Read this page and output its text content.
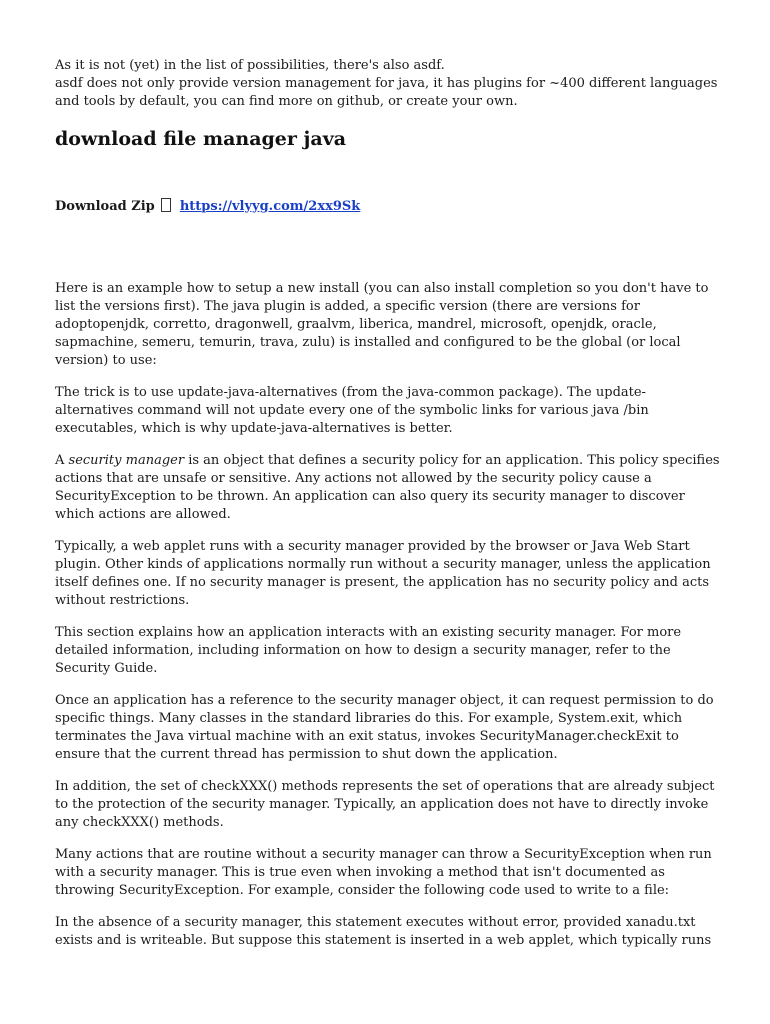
As it is not (yet) in the list of possibilities, there's also asdf.
asdf does not only provide version management for java, it has plugins for ~400 different languages and tools by default, you can find more on github, or create your own.

download file manager java

Download Zip https://vlyyg.com/2xx9Sk

Here is an example how to setup a new install (you can also install completion so you don't have to list the versions first). The java plugin is added, a specific version (there are versions for adoptopenjdk, corretto, dragonwell, graalvm, liberica, mandrel, microsoft, openjdk, oracle, sapmachine, semeru, temurin, trava, zulu) is installed and configured to be the global (or local version) to use:

The trick is to use update-java-alternatives (from the java-common package). The update-alternatives command will not update every one of the symbolic links for various java /bin executables, which is why update-java-alternatives is better.

A security manager is an object that defines a security policy for an application. This policy specifies actions that are unsafe or sensitive. Any actions not allowed by the security policy cause a SecurityException to be thrown. An application can also query its security manager to discover which actions are allowed.

Typically, a web applet runs with a security manager provided by the browser or Java Web Start plugin. Other kinds of applications normally run without a security manager, unless the application itself defines one. If no security manager is present, the application has no security policy and acts without restrictions.

This section explains how an application interacts with an existing security manager. For more detailed information, including information on how to design a security manager, refer to the Security Guide.

Once an application has a reference to the security manager object, it can request permission to do specific things. Many classes in the standard libraries do this. For example, System.exit, which terminates the Java virtual machine with an exit status, invokes SecurityManager.checkExit to ensure that the current thread has permission to shut down the application.

In addition, the set of checkXXX() methods represents the set of operations that are already subject to the protection of the security manager. Typically, an application does not have to directly invoke any checkXXX() methods.

Many actions that are routine without a security manager can throw a SecurityException when run with a security manager. This is true even when invoking a method that isn't documented as throwing SecurityException. For example, consider the following code used to write to a file:

In the absence of a security manager, this statement executes without error, provided xanadu.txt exists and is writeable. But suppose this statement is inserted in a web applet, which typically runs
